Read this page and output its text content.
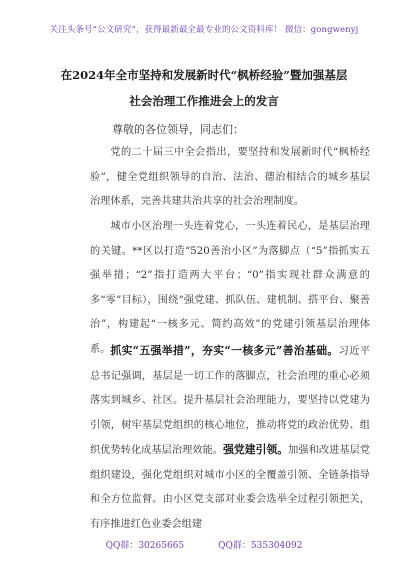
关注头条号“公文研究”，获得最新最全最专业的公文资料库！ 微信：gongwenyj
在2024年全市坚持和发展新时代“枫桥经验”暨加强基层
社会治理工作推进会上的发言
尊敬的各位领导，同志们：
党的二十届三中全会指出，要坚持和发展新时代“枫桥经验”，健全党组织领导的自治、法治、德治相结合的城乡基层治理体系，完善共建共治共享的社会治理制度。
城市小区治理一头连着党心，一头连着民心，是基层治理的关键。**区以打造“520善治小区”为落脚点（“5”指抓实五强举措；“2”指打造两大平台；“0”指实现社群众满意的多“零”目标），围绕“强党建、抓队伍、建机制、搭平台、聚善治”，构建起“一核多元、简约高效”的党建引领基层治理体系。 抓实“五强举措”，夯实“一核多元”善治基础。习近平总书记强调，基层是一切工作的落脚点，社会治理的重心必须落实到城乡、社区。提升基层社会治理能力，要坚持以党建为引领，树牢基层党组织的核心地位，推动将党的政治优势、组织优势转化成基层治理效能。强党建引领。加强和改进基层党组织建设，强化党组织对城市小区的全覆盖引领、全链条指导和全方位监督。由小区党支部对业委会选举全过程引领把关，有序推进红色业委会组建
QQ群：30265665	QQ群：535304092
